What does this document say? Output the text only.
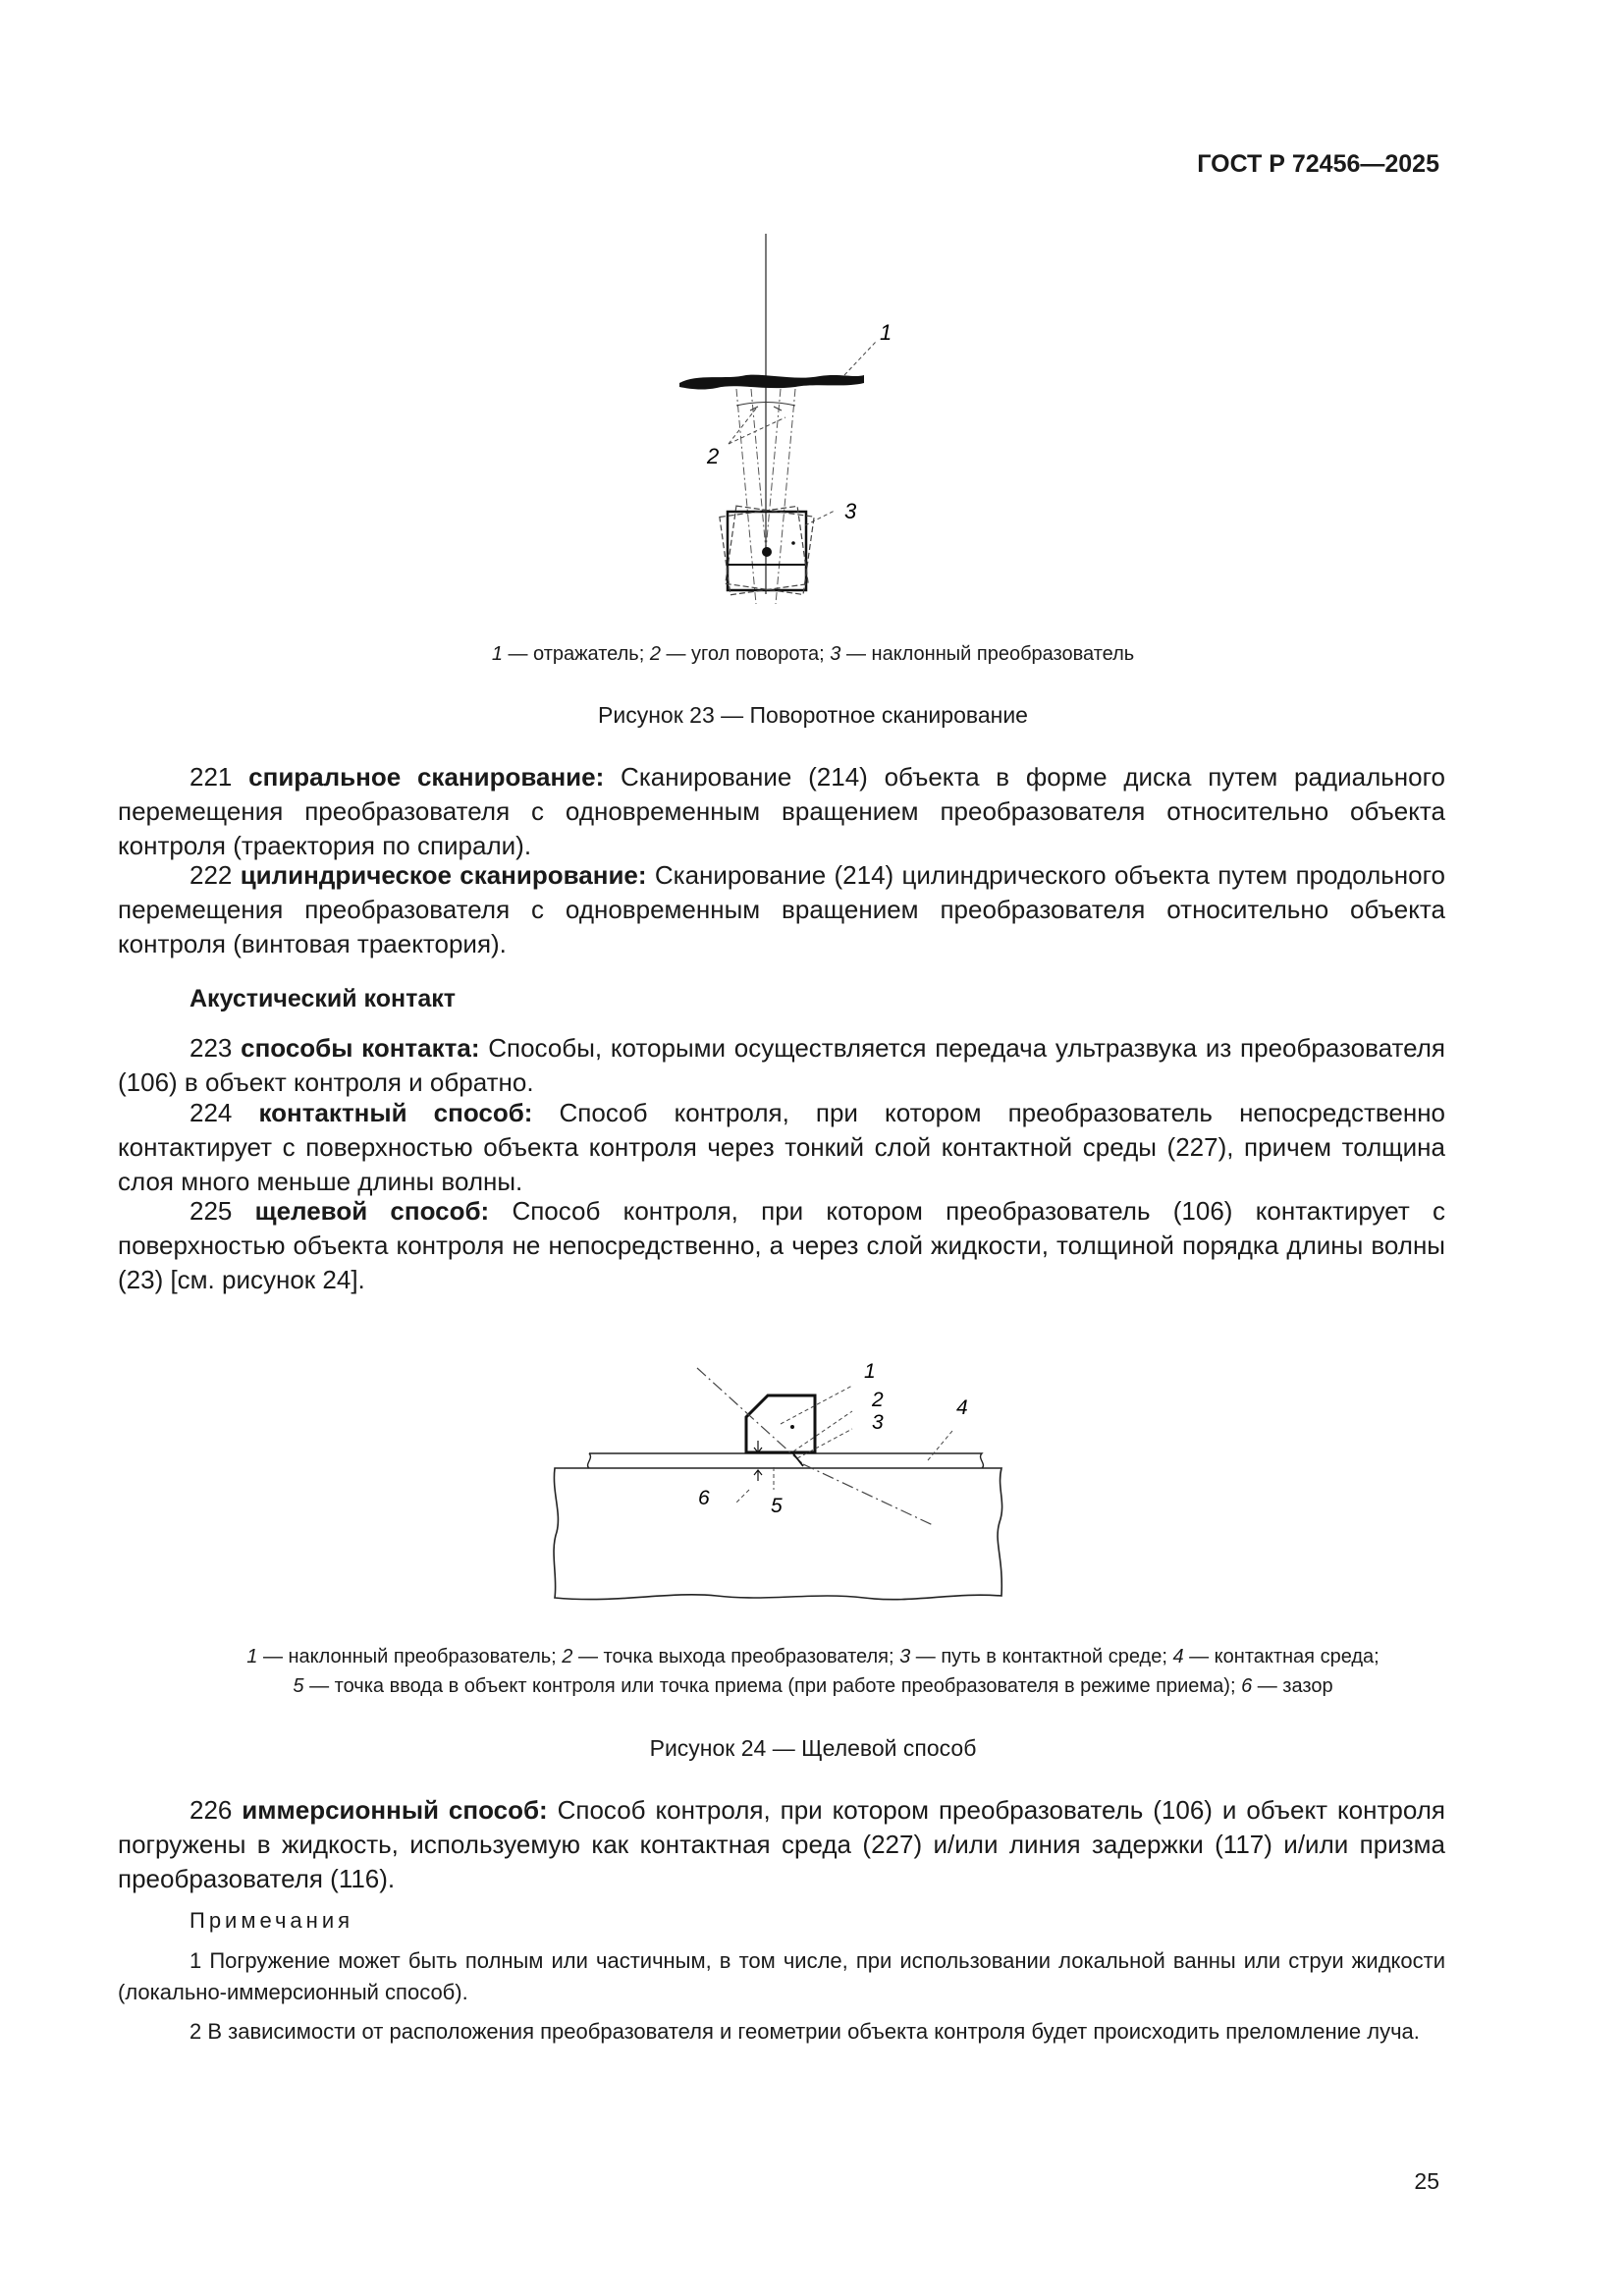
ГОСТ Р 72456—2025
1
2
3
1 — отражатель; 2 — угол поворота; 3 — наклонный преобразователь
Рисунок 23 — Поворотное сканирование

221 спиральное сканирование: Сканирование (214) объекта в форме диска путем радиального перемещения преобразователя с одновременным вращением преобразователя относительно объекта контроля (траектория по спирали).

222 цилиндрическое сканирование: Сканирование (214) цилиндрического объекта путем продольного перемещения преобразователя с одновременным вращением преобразователя относительно объекта контроля (винтовая траектория).

Акустический контакт

223 способы контакта: Способы, которыми осуществляется передача ультразвука из преобразователя (106) в объект контроля и обратно.

224 контактный способ: Способ контроля, при котором преобразователь непосредственно контактирует с поверхностью объекта контроля через тонкий слой контактной среды (227), причем толщина слоя много меньше длины волны.

225 щелевой способ: Способ контроля, при котором преобразователь (106) контактирует с поверхностью объекта контроля не непосредственно, а через слой жидкости, толщиной порядка длины волны (23) [см. рисунок 24].

1
2
3
4
5
6
1 — наклонный преобразователь; 2 — точка выхода преобразователя; 3 — путь в контактной среде; 4 — контактная среда;
5 — точка ввода в объект контроля или точка приема (при работе преобразователя в режиме приема); 6 — зазор
Рисунок 24 — Щелевой способ

226 иммерсионный способ: Способ контроля, при котором преобразователь (106) и объект контроля погружены в жидкость, используемую как контактная среда (227) и/или линия задержки (117) и/или призма преобразователя (116).

Примечания

1 Погружение может быть полным или частичным, в том числе, при использовании локальной ванны или струи жидкости (локально-иммерсионный способ).

2 В зависимости от расположения преобразователя и геометрии объекта контроля будет происходить преломление луча.

25
